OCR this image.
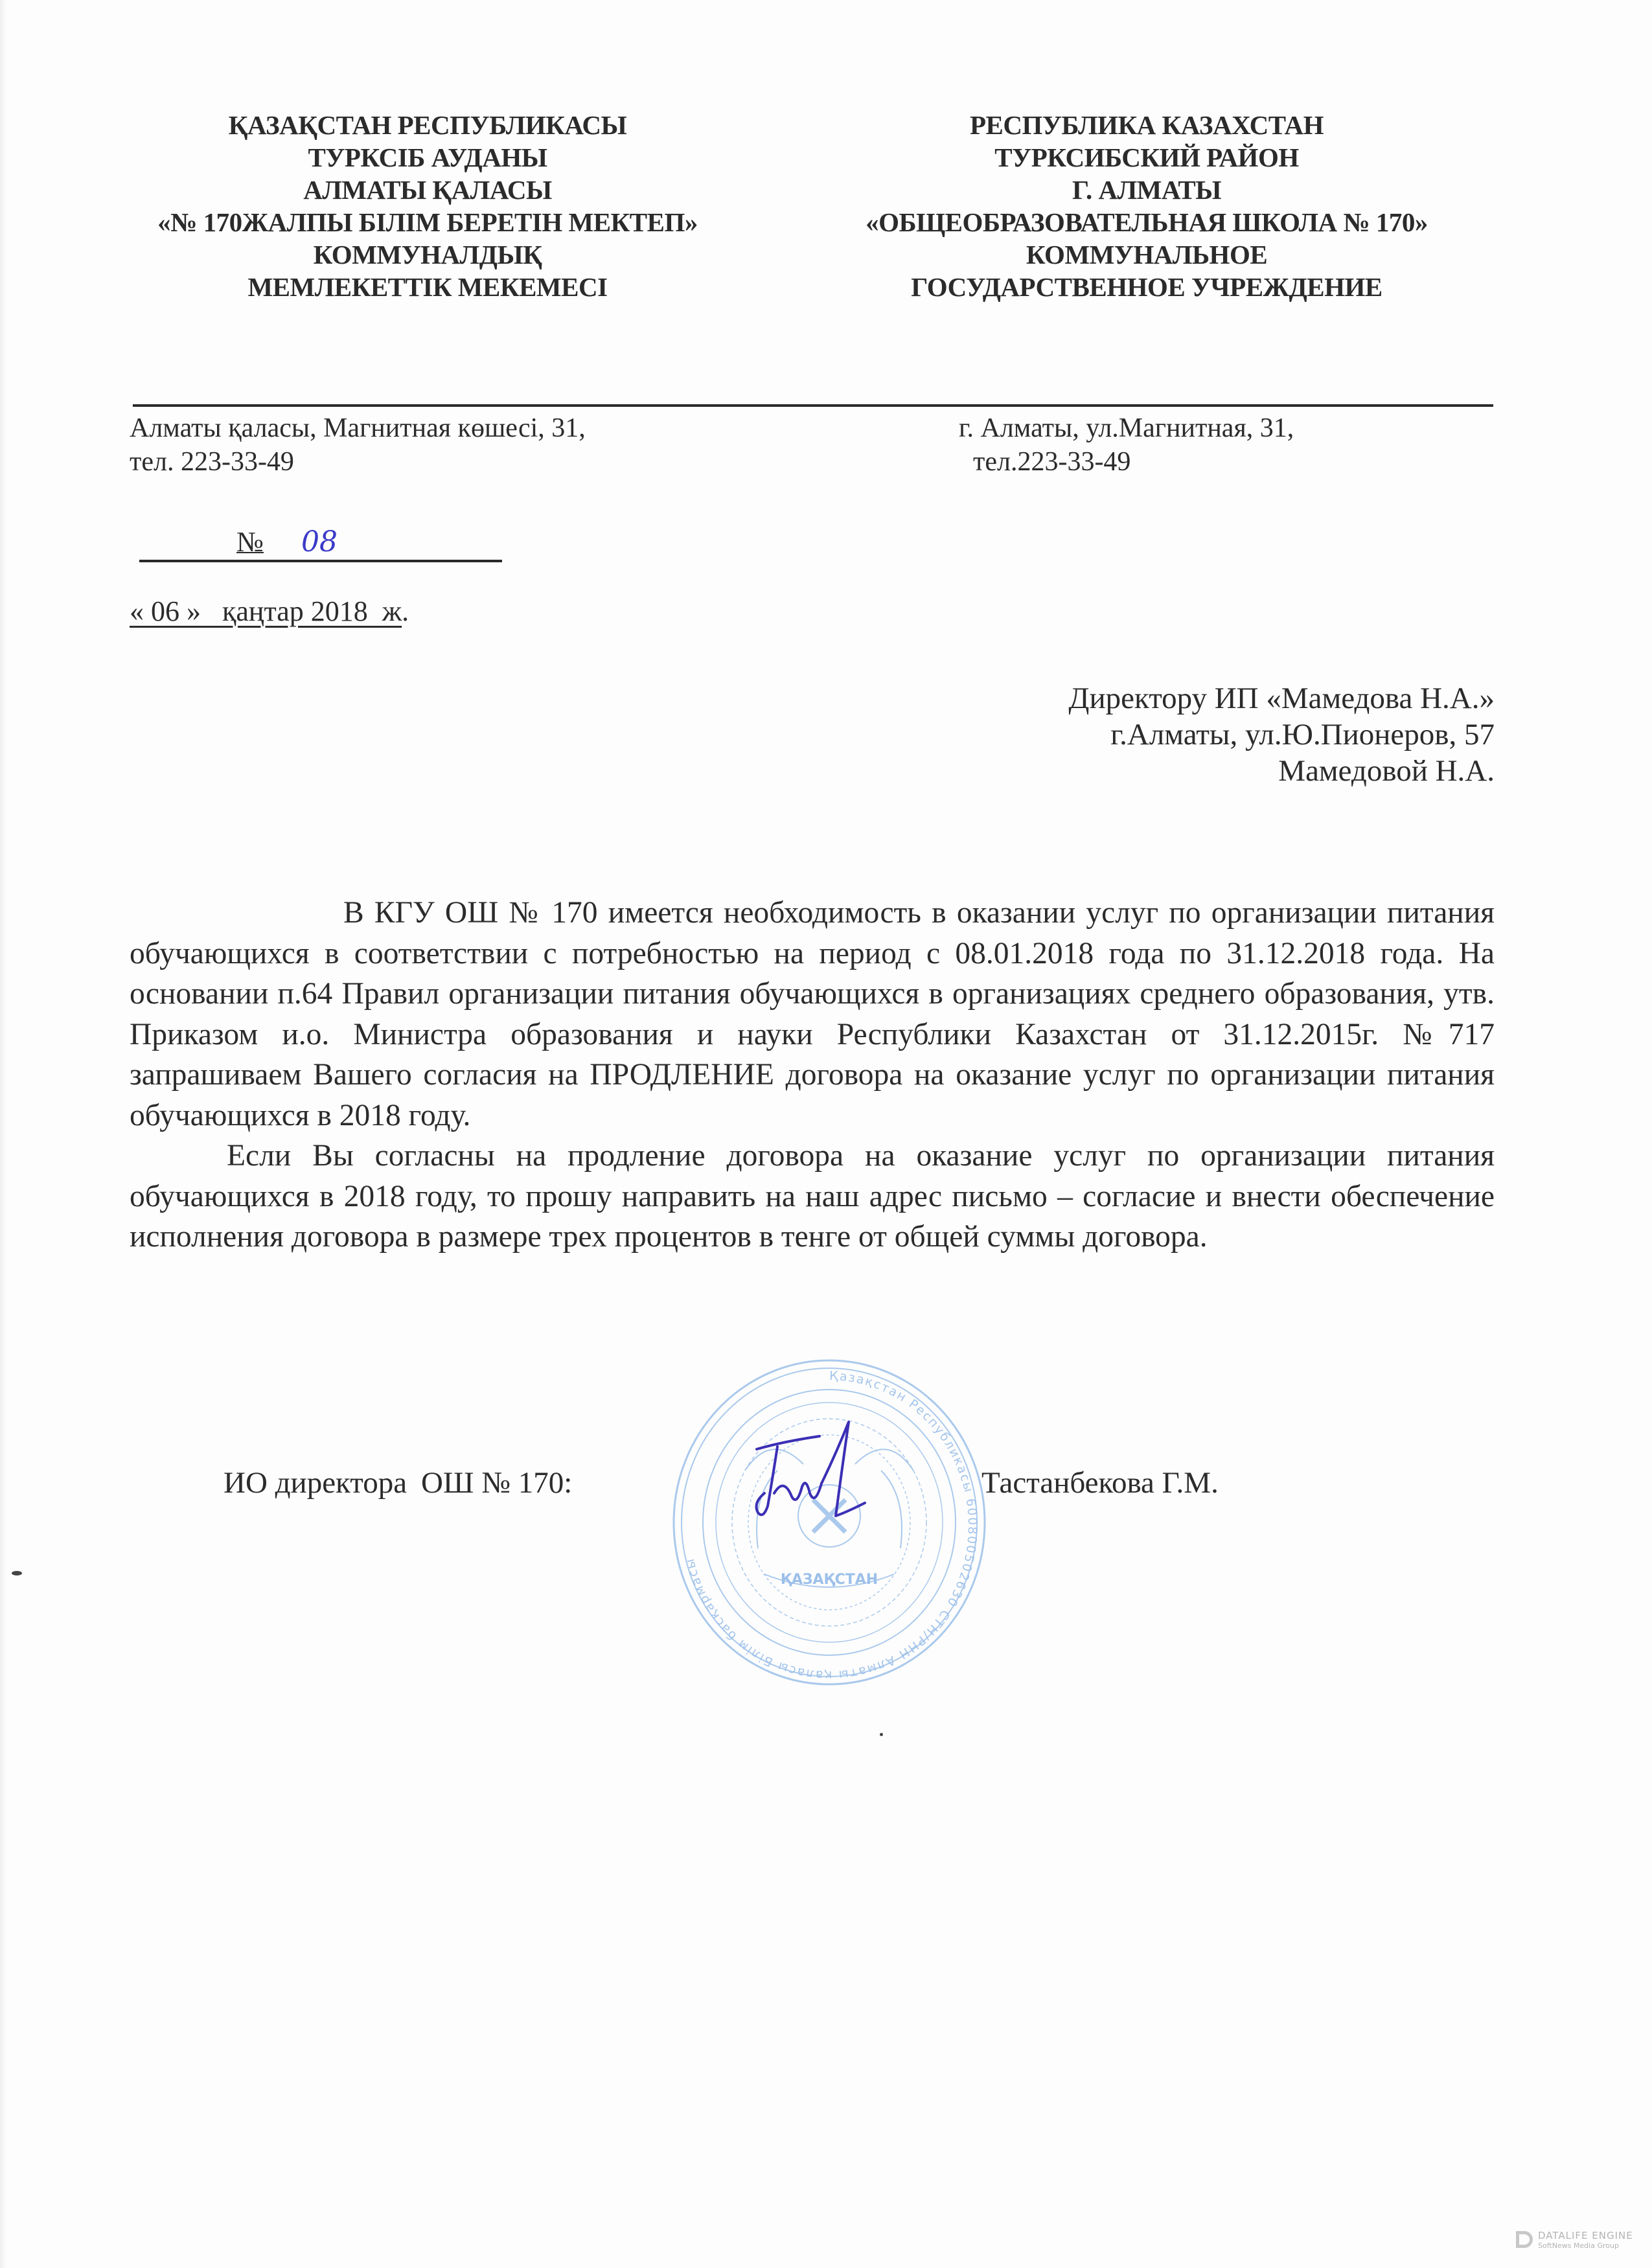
ҚАЗАҚСТАН РЕСПУБЛИКАСЫ
ТУРКСІБ АУДАНЫ
АЛМАТЫ ҚАЛАСЫ
«№ 170ЖАЛПЫ БІЛІМ БЕРЕТІН МЕКТЕП»
КОММУНАЛДЫҚ
МЕМЛЕКЕТТІК МЕКЕМЕСІ
РЕСПУБЛИКА КАЗАХСТАН
ТУРКСИБСКИЙ РАЙОН
Г. АЛМАТЫ
«ОБЩЕОБРАЗОВАТЕЛЬНАЯ ШКОЛА № 170»
КОММУНАЛЬНОЕ
ГОСУДАРСТВЕННОЕ УЧРЕЖДЕНИЕ
Алматы қаласы, Магнитная көшесі, 31,
тел. 223-33-49
г. Алматы, ул.Магнитная, 31,
тел.223-33-49
№ 08
« 06 »   қаңтар 2018  ж.
Директору ИП «Мамедова Н.А.»
г.Алматы, ул.Ю.Пионеров, 57
Мамедовой Н.А.

В КГУ ОШ № 170 имеется необходимость в оказании услуг по организации питания обучающихся в соответствии с потребностью на период с 08.01.2018 года по 31.12.2018 года. На основании п.64 Правил организации питания обучающихся в организациях среднего образования, утв. Приказом и.о. Министра образования и науки Республики Казахстан от 31.12.2015г. №717 запрашиваем Вашего согласия на ПРОДЛЕНИЕ договора на оказание услуг по организации питания обучающихся в 2018 году.

Если Вы согласны на продление договора на оказание услуг по организации питания обучающихся в 2018 году, то прошу направить на наш адрес письмо – согласие и внести обеспечение исполнения договора в размере трех процентов в тенге от общей суммы договора.

Қазақстан Республикасы 600800502630 СТН/РНН Алматы қаласы Білім басқармасы
ҚАЗАҚСТАН
ИО директора ОШ № 170:	Тастанбекова Г.М.
DATALIFE ENGINE
SoftNews Media Group
